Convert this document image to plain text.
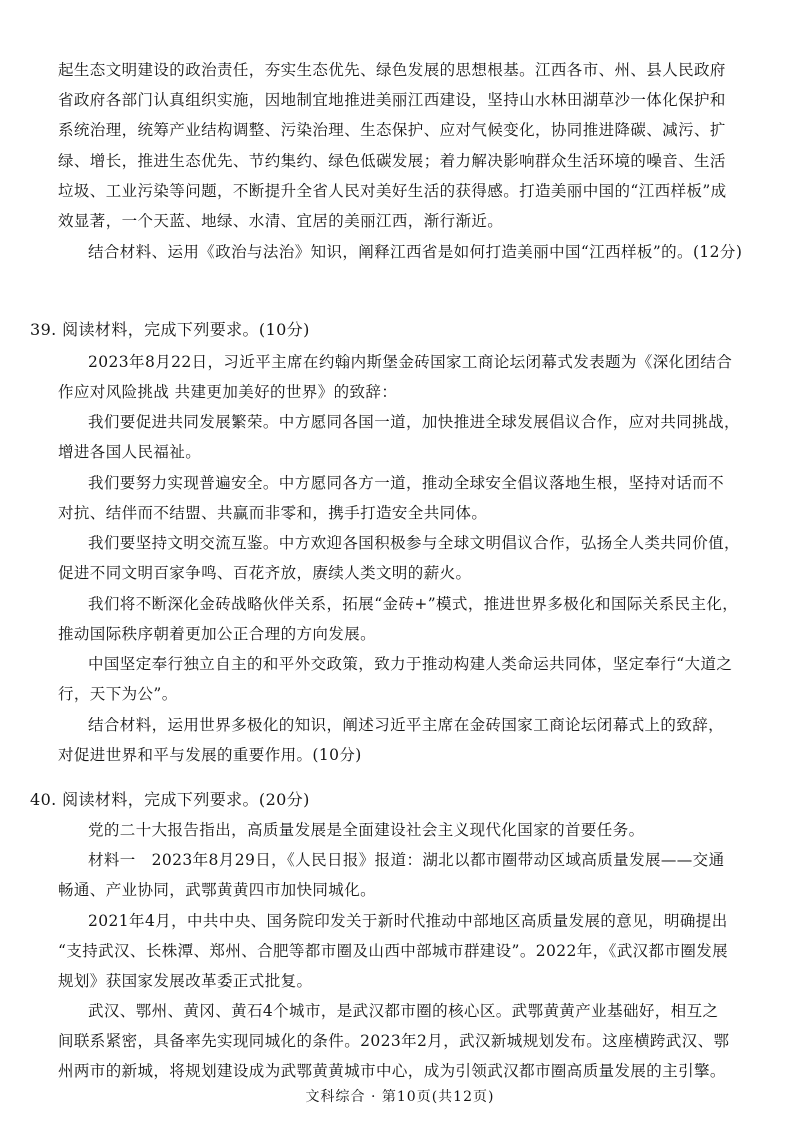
起生态文明建设的政治责任，夯实生态优先、绿色发展的思想根基。江西各市、州、县人民政府
省政府各部门认真组织实施，因地制宜地推进美丽江西建设，坚持山水林田湖草沙一体化保护和
系统治理，统筹产业结构调整、污染治理、生态保护、应对气候变化，协同推进降碳、减污、扩
绿、增长，推进生态优先、节约集约、绿色低碳发展；着力解决影响群众生活环境的噪音、生活
垃圾、工业污染等问题，不断提升全省人民对美好生活的获得感。打造美丽中国的“江西样板”成
效显著，一个天蓝、地绿、水清、宜居的美丽江西，渐行渐近。
结合材料、运用《政治与法治》知识，阐释江西省是如何打造美丽中国“江西样板”的。(12分)
39. 阅读材料，完成下列要求。(10分)
2023年8月22日，习近平主席在约翰内斯堡金砖国家工商论坛闭幕式发表题为《深化团结合
作应对风险挑战 共建更加美好的世界》的致辞：
我们要促进共同发展繁荣。中方愿同各国一道，加快推进全球发展倡议合作，应对共同挑战，
增进各国人民福祉。
我们要努力实现普遍安全。中方愿同各方一道，推动全球安全倡议落地生根，坚持对话而不
对抗、结伴而不结盟、共赢而非零和，携手打造安全共同体。
我们要坚持文明交流互鉴。中方欢迎各国积极参与全球文明倡议合作，弘扬全人类共同价值，
促进不同文明百家争鸣、百花齐放，赓续人类文明的薪火。
我们将不断深化金砖战略伙伴关系，拓展“金砖+”模式，推进世界多极化和国际关系民主化，
推动国际秩序朝着更加公正合理的方向发展。
中国坚定奉行独立自主的和平外交政策，致力于推动构建人类命运共同体，坚定奉行“大道之
行，天下为公”。
结合材料，运用世界多极化的知识，阐述习近平主席在金砖国家工商论坛闭幕式上的致辞，
对促进世界和平与发展的重要作用。(10分)
40. 阅读材料，完成下列要求。(20分)
党的二十大报告指出，高质量发展是全面建设社会主义现代化国家的首要任务。
材料一　2023年8月29日，《人民日报》报道：湖北以都市圈带动区域高质量发展——交通
畅通、产业协同，武鄂黄黄四市加快同城化。
2021年4月，中共中央、国务院印发关于新时代推动中部地区高质量发展的意见，明确提出
“支持武汉、长株潭、郑州、合肥等都市圈及山西中部城市群建设”。2022年，《武汉都市圈发展
规划》获国家发展改革委正式批复。
武汉、鄂州、黄冈、黄石4个城市，是武汉都市圈的核心区。武鄂黄黄产业基础好，相互之
间联系紧密，具备率先实现同城化的条件。2023年2月，武汉新城规划发布。这座横跨武汉、鄂
州两市的新城，将规划建设成为武鄂黄黄城市中心，成为引领武汉都市圈高质量发展的主引擎。
文科综合 · 第10页(共12页)
